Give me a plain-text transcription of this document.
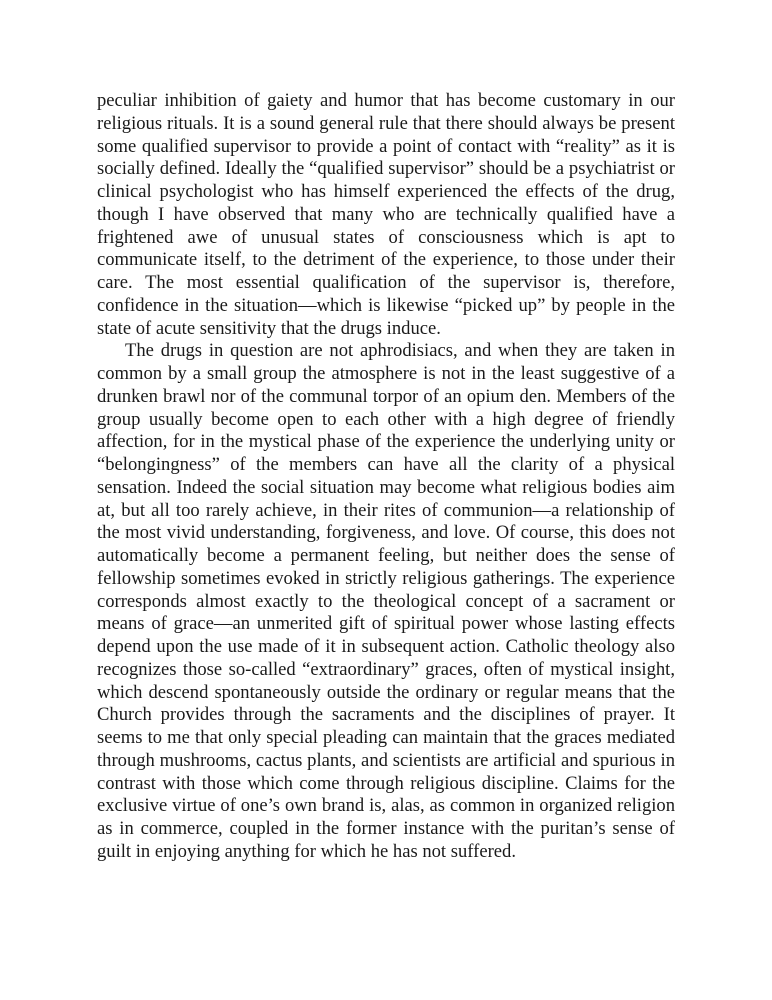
peculiar inhibition of gaiety and humor that has become customary in our religious rituals. It is a sound general rule that there should always be present some qualified supervisor to provide a point of contact with “reality” as it is socially defined. Ideally the “qualified supervisor” should be a psychiatrist or clinical psychologist who has himself experienced the effects of the drug, though I have observed that many who are technically qualified have a frightened awe of unusual states of consciousness which is apt to communicate itself, to the detriment of the experience, to those under their care. The most essential qualification of the supervisor is, therefore, confidence in the situation—which is likewise “picked up” by people in the state of acute sensitivity that the drugs induce.

The drugs in question are not aphrodisiacs, and when they are taken in common by a small group the atmosphere is not in the least suggestive of a drunken brawl nor of the communal torpor of an opium den. Members of the group usually become open to each other with a high degree of friendly affection, for in the mystical phase of the experience the underlying unity or “belongingness” of the members can have all the clarity of a physical sensation. Indeed the social situation may become what religious bodies aim at, but all too rarely achieve, in their rites of communion—a relationship of the most vivid understanding, forgiveness, and love. Of course, this does not automatically become a permanent feeling, but neither does the sense of fellowship sometimes evoked in strictly religious gatherings. The experience corresponds almost exactly to the theological concept of a sacrament or means of grace—an unmerited gift of spiritual power whose lasting effects depend upon the use made of it in subsequent action. Catholic theology also recognizes those so-called “extraordinary” graces, often of mystical insight, which descend spontaneously outside the ordinary or regular means that the Church provides through the sacraments and the disciplines of prayer. It seems to me that only special pleading can maintain that the graces mediated through mushrooms, cactus plants, and scientists are artificial and spurious in contrast with those which come through religious discipline. Claims for the exclusive virtue of one’s own brand is, alas, as common in organized religion as in commerce, coupled in the former instance with the puritan’s sense of guilt in enjoying anything for which he has not suffered.
